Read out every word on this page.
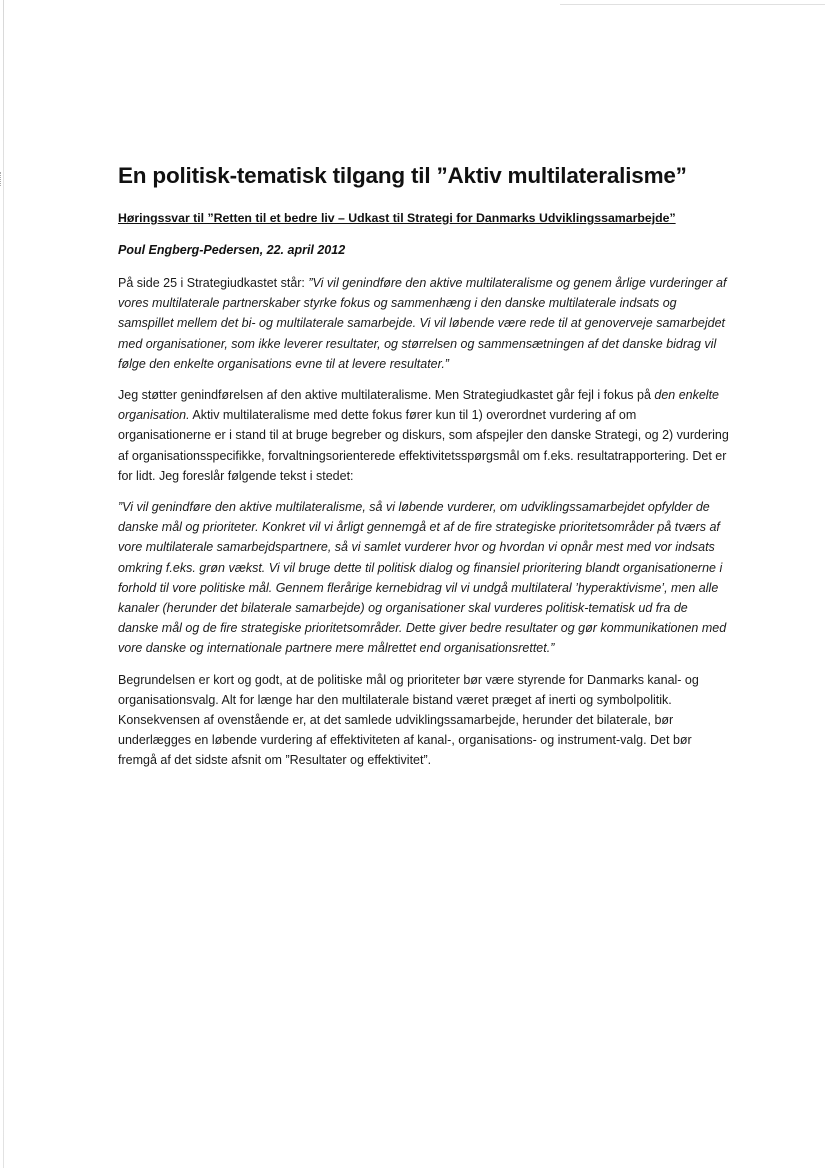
En politisk-tematisk tilgang til ”Aktiv multilateralisme”
Høringssvar til ”Retten til et bedre liv – Udkast til Strategi for Danmarks Udviklingssamarbejde”
Poul Engberg-Pedersen, 22. april 2012

På side 25 i Strategiudkastet står: ”Vi vil genindføre den aktive multilateralisme og genem årlige vurderinger af vores multilaterale partnerskaber styrke fokus og sammenhæng i den danske multilaterale indsats og samspillet mellem det bi- og multilaterale samarbejde. Vi vil løbende være rede til at genoverveje samarbejdet med organisationer, som ikke leverer resultater, og størrelsen og sammensætningen af det danske bidrag vil følge den enkelte organisations evne til at levere resultater.”

Jeg støtter genindførelsen af den aktive multilateralisme. Men Strategiudkastet går fejl i fokus på den enkelte organisation. Aktiv multilateralisme med dette fokus fører kun til 1) overordnet vurdering af om organisationerne er i stand til at bruge begreber og diskurs, som afspejler den danske Strategi, og 2) vurdering af organisationsspecifikke, forvaltningsorienterede effektivitetsspørgsmål om f.eks. resultatrapportering. Det er for lidt. Jeg foreslår følgende tekst i stedet:

”Vi vil genindføre den aktive multilateralisme, så vi løbende vurderer, om udviklingssamarbejdet opfylder de danske mål og prioriteter. Konkret vil vi årligt gennemgå et af de fire strategiske prioritetsområder på tværs af vore multilaterale samarbejdspartnere, så vi samlet vurderer hvor og hvordan vi opnår mest med vor indsats omkring f.eks. grøn vækst. Vi vil bruge dette til politisk dialog og finansiel prioritering blandt organisationerne i forhold til vore politiske mål. Gennem flerårige kernebidrag vil vi undgå multilateral ’hyperaktivisme’, men alle kanaler (herunder det bilaterale samarbejde) og organisationer skal vurderes politisk-tematisk ud fra de danske mål og de fire strategiske prioritetsområder. Dette giver bedre resultater og gør kommunikationen med vore danske og internationale partnere mere målrettet end organisationsrettet.”

Begrundelsen er kort og godt, at de politiske mål og prioriteter bør være styrende for Danmarks kanal- og organisationsvalg. Alt for længe har den multilaterale bistand været præget af inerti og symbolpolitik. Konsekvensen af ovenstående er, at det samlede udviklingssamarbejde, herunder det bilaterale, bør underlægges en løbende vurdering af effektiviteten af kanal-, organisations- og instrument-valg. Det bør fremgå af det sidste afsnit om ”Resultater og effektivitet”.
